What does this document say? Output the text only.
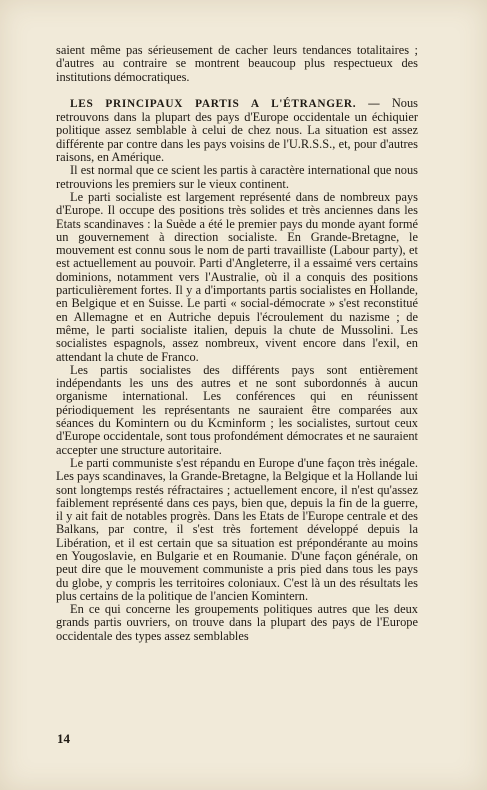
saient même pas sérieusement de cacher leurs tendances totalitaires ; d'autres au contraire se montrent beaucoup plus respectueux des institutions démocratiques.

LES PRINCIPAUX PARTIS A L'ÉTRANGER. — Nous retrouvons dans la plupart des pays d'Europe occidentale un échiquier politique assez semblable à celui de chez nous. La situation est assez différente par contre dans les pays voisins de l'U.R.S.S., et, pour d'autres raisons, en Amérique.

Il est normal que ce scient les partis à caractère international que nous retrouvions les premiers sur le vieux continent.

Le parti socialiste est largement représenté dans de nombreux pays d'Europe. Il occupe des positions très solides et très anciennes dans les Etats scandinaves : la Suède a été le premier pays du monde ayant formé un gouvernement à direction socialiste. En Grande-Bretagne, le mouvement est connu sous le nom de parti travailliste (Labour party), et est actuellement au pouvoir. Parti d'Angleterre, il a essaimé vers certains dominions, notamment vers l'Australie, où il a conquis des positions particulièrement fortes. Il y a d'importants partis socialistes en Hollande, en Belgique et en Suisse. Le parti « social-démocrate » s'est reconstitué en Allemagne et en Autriche depuis l'écroulement du nazisme ; de même, le parti socialiste italien, depuis la chute de Mussolini. Les socialistes espagnols, assez nombreux, vivent encore dans l'exil, en attendant la chute de Franco.

Les partis socialistes des différents pays sont entièrement indépendants les uns des autres et ne sont subordonnés à aucun organisme international. Les conférences qui en réunissent périodiquement les représentants ne sauraient être comparées aux séances du Komintern ou du Kcminform ; les socialistes, surtout ceux d'Europe occidentale, sont tous profondément démocrates et ne sauraient accepter une structure autoritaire.

Le parti communiste s'est répandu en Europe d'une façon très inégale. Les pays scandinaves, la Grande-Bretagne, la Belgique et la Hollande lui sont longtemps restés réfractaires ; actuellement encore, il n'est qu'assez faiblement représenté dans ces pays, bien que, depuis la fin de la guerre, il y ait fait de notables progrès. Dans les Etats de l'Europe centrale et des Balkans, par contre, il s'est très fortement développé depuis la Libération, et il est certain que sa situation est prépondérante au moins en Yougoslavie, en Bulgarie et en Roumanie. D'une façon générale, on peut dire que le mouvement communiste a pris pied dans tous les pays du globe, y compris les territoires coloniaux. C'est là un des résultats les plus certains de la politique de l'ancien Komintern.

En ce qui concerne les groupements politiques autres que les deux grands partis ouvriers, on trouve dans la plupart des pays de l'Europe occidentale des types assez semblables

14
